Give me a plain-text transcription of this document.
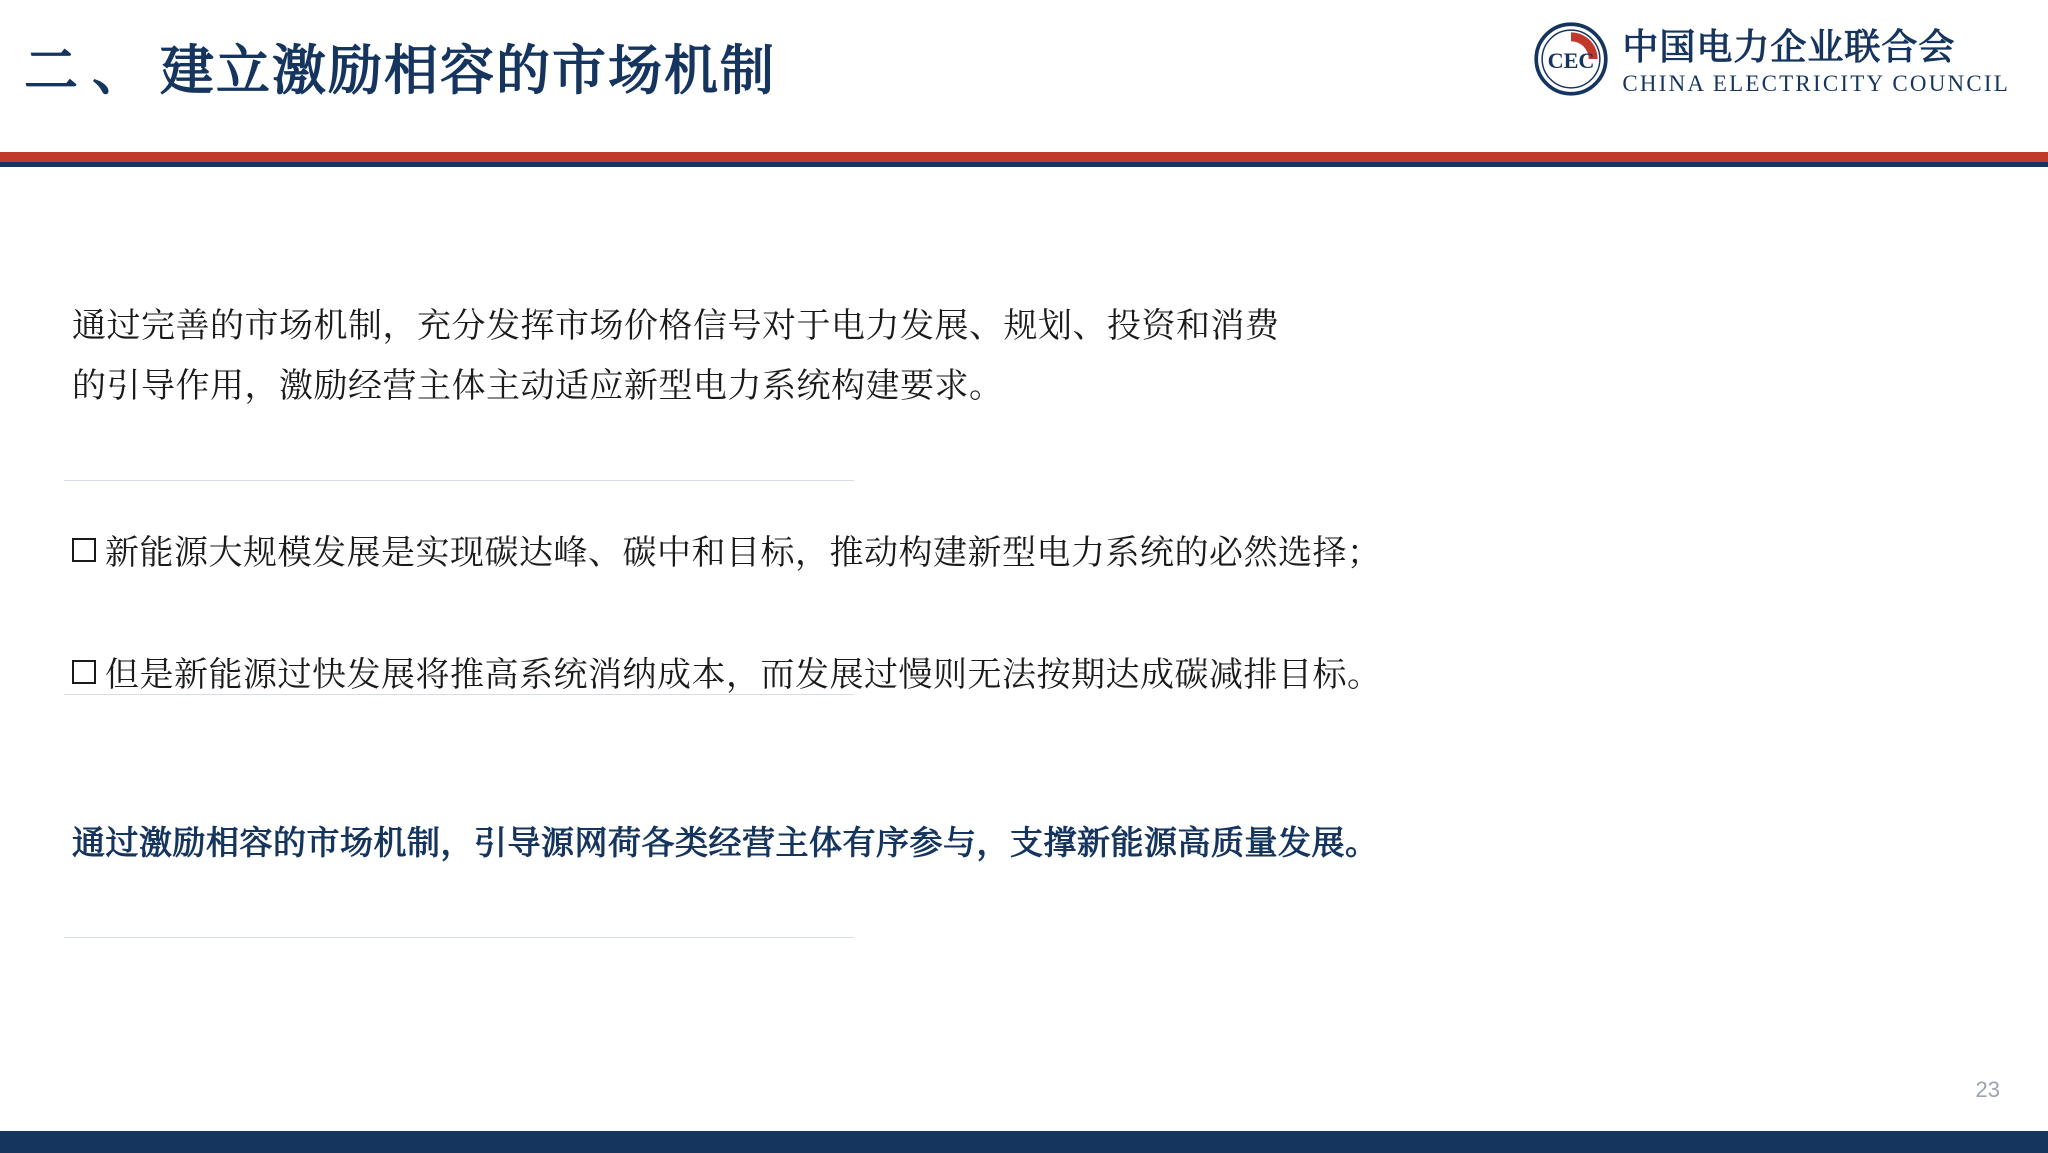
二、建立激励相容的市场机制	CEC 中国电力企业联合会
CHINA ELECTRICITY COUNCIL
通过完善的市场机制，充分发挥市场价格信号对于电力发展、规划、投资和消费
的引导作用，激励经营主体主动适应新型电力系统构建要求。
新能源大规模发展是实现碳达峰、碳中和目标，推动构建新型电力系统的必然选择；
但是新能源过快发展将推高系统消纳成本，而发展过慢则无法按期达成碳减排目标。
通过激励相容的市场机制，引导源网荷各类经营主体有序参与，支撑新能源高质量发展。
23
